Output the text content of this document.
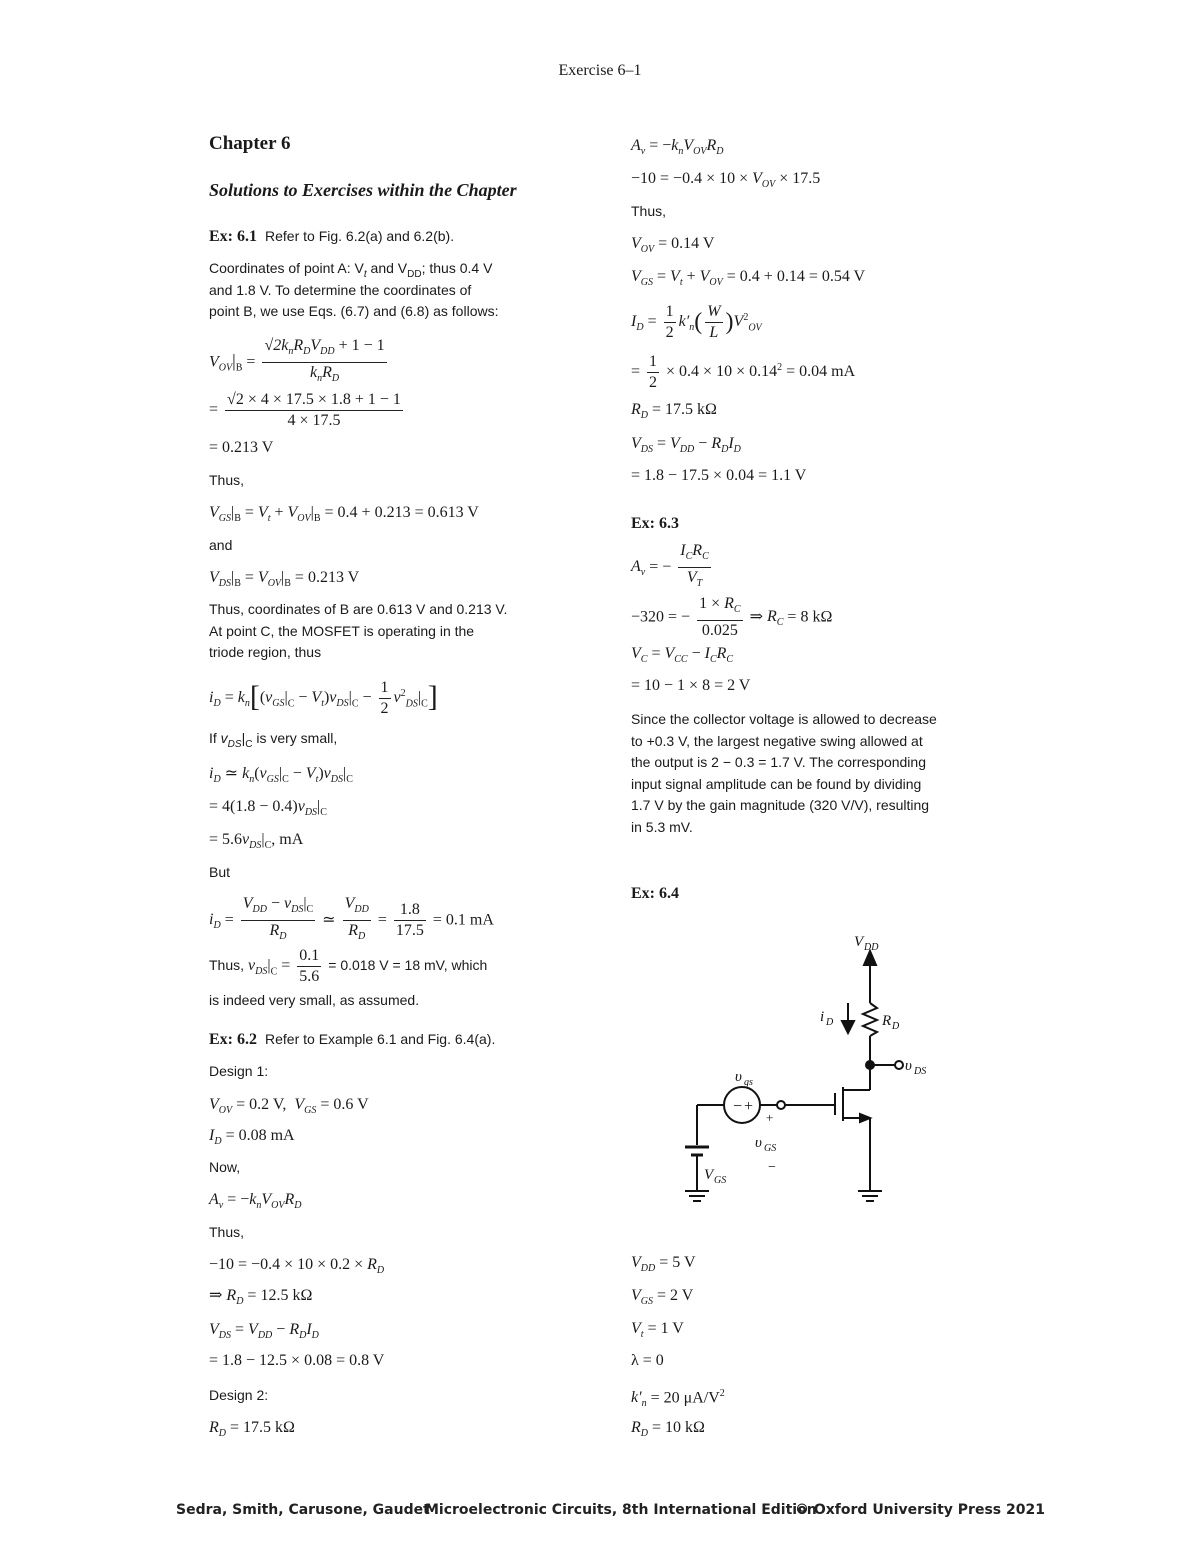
Exercise 6–1
Chapter 6
Solutions to Exercises within the Chapter
Ex: 6.1 Refer to Fig. 6.2(a) and 6.2(b).
Coordinates of point A: $V_t$ and $V_{DD}$; thus 0.4 V
and 1.8 V. To determine the coordinates of
point B, we use Eqs. (6.7) and (6.8) as follows:
$V_{OV}|_B = \frac{√2k_nR_DV_{DD} + 1 - 1}{k_nR_D}$
= $\frac{√2 \times 4 \times 17.5 \times 1.8 + 1 - 1}{4 \times 17.5}$
= 0.213 V
Thus,
$V_{GS}|_B = V_t + V_{OV}|_B = 0.4 + 0.213 = 0.613$ V
and
$V_{DS}|_B = V_{OV}|_B = 0.213$ V
Thus, coordinates of B are 0.613 V and 0.213 V.
At point C, the MOSFET is operating in the
triode region, thus
$i_D = k_n[(v_{GS}|_C - V_t)v_{DS}|_C - \frac{1}{2} v^2_{DS}|_C]$
If $v_{DS}|_C$ is very small,
$i_D$ ≃ $k_n(v_{GS}|_C - V_t)v_{DS}|_C$
= $4(1.8 - 0.4)v_{DS}|_C$
= $5.6v_{DS}|_C$, mA
But
$i_D = \frac{V_{DD} - v_{DS}|_C}{R_D}$ ≃ $\frac{V_{DD}}{R_D} = \frac{1.8}{17.5} = 0.1$ mA
Thus, $v_{DS}|_C = \frac{0.1}{5.6} = 0.018$ V = 18 mV, which
is indeed very small, as assumed.
Ex: 6.2 Refer to Example 6.1 and Fig. 6.4(a).
Design 1:
$V_{OV} = 0.2$ V,  $V_{GS} = 0.6$ V
$I_D = 0.08$ mA
Now,
$A_v = -k_nV_{OV}R_D$
Thus,
$-10 = -0.4 \times 10 \times 0.2 \times R_D$
⇒ $R_D = 12.5$ kΩ
$V_{DS} = V_{DD} - R_DI_D$
= 1.8 − 12.5 × 0.08 = 0.8 V
Design 2:
$R_D = 17.5$ kΩ
$A_v = -k_nV_{OV}R_D$
$-10 = -0.4 \times 10 \times V_{OV} \times 17.5$
Thus,
$V_{OV} = 0.14$ V
$V_{GS} = V_t + V_{OV} = 0.4 + 0.14 = 0.54$ V
$I_D = \frac{1}{2} k'_n( \frac{W}{L} )V^2_{OV}$
= $\frac{1}{2} \times 0.4 \times 10 \times 0.14^2 = 0.04$ mA
$R_D = 17.5$ kΩ
$V_{DS} = V_{DD} - R_DI_D$
= 1.8 − 17.5 × 0.04 = 1.1 V
Ex: 6.3
$A_v$ = − $\frac{I_CR_C}{V_T}$
−320 = − $\frac{1 \times R_C}{0.025}$ ⇒ $R_C = 8$ kΩ
$V_C = V_{CC} - I_CR_C$
= 10 − 1 × 8 = 2 V
Since the collector voltage is allowed to decrease
to +0.3 V, the largest negative swing allowed at
the output is 2 − 0.3 = 1.7 V. The corresponding
input signal amplitude can be found by dividing
1.7 V by the gain magnitude (320 V/V), resulting
in 5.3 mV.
Ex: 6.4
− +
+
−
V DD
R D
i D
υ DS
υ gs
υ GS
V GS
$V_{DD} = 5$ V
$V_{GS} = 2$ V
$V_t = 1$ V
λ = 0
$k'_n = 20$ $\mu A/V^2$
$R_D = 10$ kΩ
Sedra, Smith, Carusone, Gaudet
Microelectronic Circuits, 8th International Edition
© Oxford University Press 2021
